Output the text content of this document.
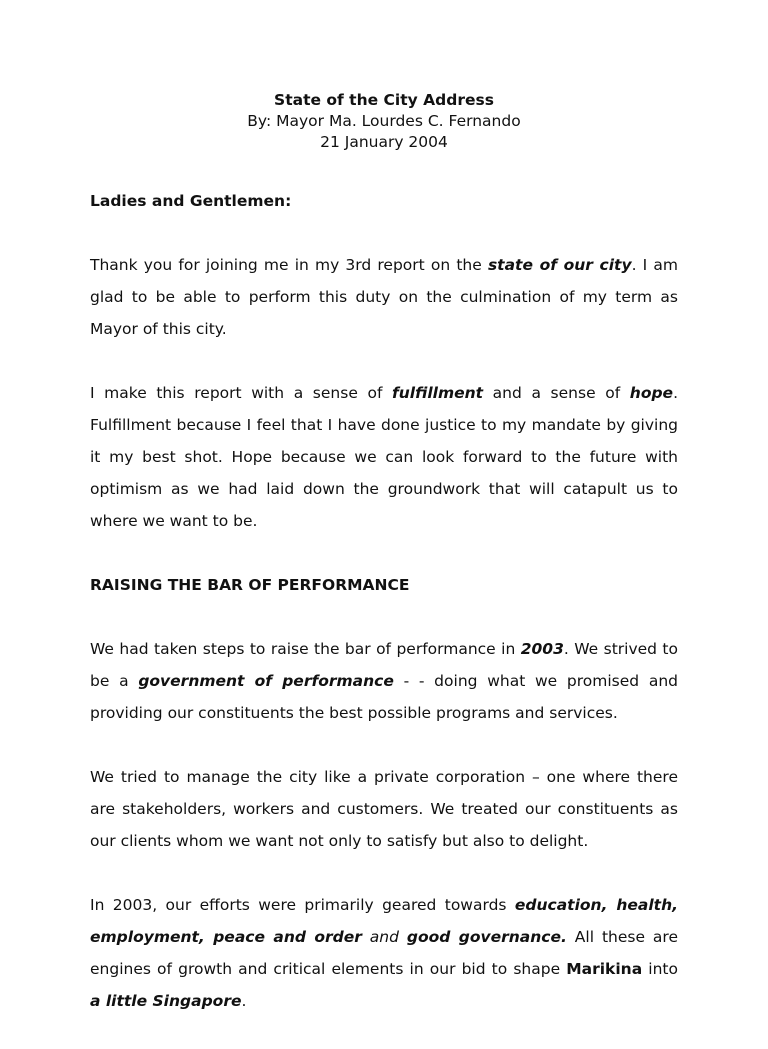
State of the City Address
By: Mayor Ma. Lourdes C. Fernando
21 January 2004
Ladies and Gentlemen:

Thank you for joining me in my 3rd report on the state of our city. I am glad to be able to perform this duty on the culmination of my term as Mayor of this city.

I make this report with a sense of fulfillment and a sense of hope. Fulfillment because I feel that I have done justice to my mandate by giving it my best shot. Hope because we can look forward to the future with optimism as we had laid down the groundwork that will catapult us to where we want to be.

RAISING THE BAR OF PERFORMANCE

We had taken steps to raise the bar of performance in 2003. We strived to be a government of performance - - doing what we promised and providing our constituents the best possible programs and services.

We tried to manage the city like a private corporation – one where there are stakeholders, workers and customers. We treated our constituents as our clients whom we want not only to satisfy but also to delight.

In 2003, our efforts were primarily geared towards education, health, employment, peace and order and good governance. All these are engines of growth and critical elements in our bid to shape Marikina into a little Singapore.
